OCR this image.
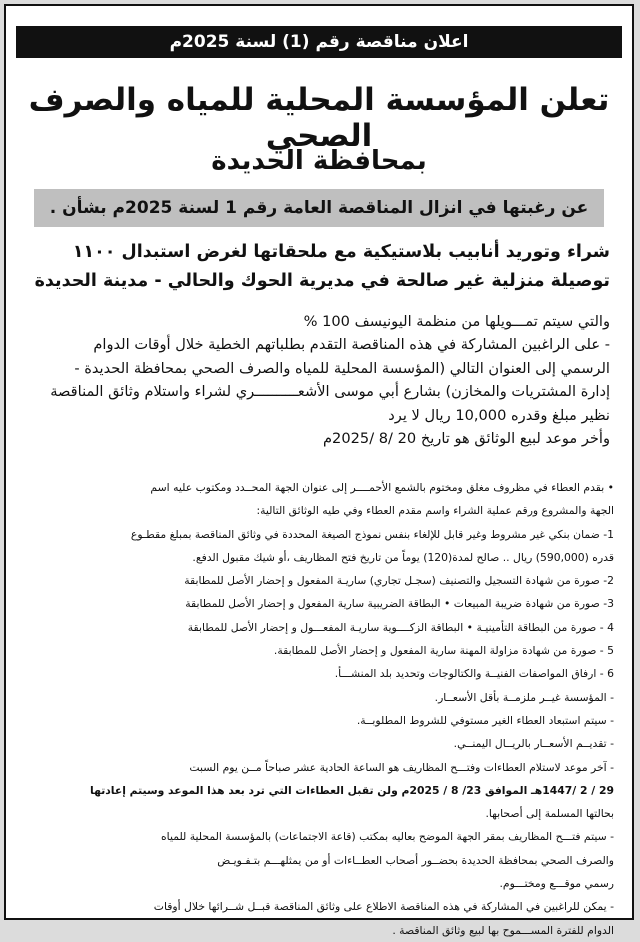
اعلان مناقصة رقم (1) لسنة 2025م
تعلن المؤسسة المحلية للمياه والصرف الصحي
بمحافظة الحديدة
عن رغبتها في انزال المناقصة العامة رقم 1 لسنة 2025م بشأن .
شراء وتوريد أنابيب بلاستيكية مع ملحقاتها لغرض استبدال ١١٠٠
توصيلة منزلية غير صالحة في مديرية الحوك والحالي - مدينة الحديدة

والتي سيتم تمـــويلها من منظمة اليونيسف 100 %

- على الراغبين المشاركة في هذه المناقصة التقدم بطلباتهم الخطية خلال أوقات الدوام

الرسمي إلى العنوان التالي (المؤسسة المحلية للمياه والصرف الصحي بمحافظة الحديدة -

إدارة المشتريات والمخازن) بشارع أبي موسى الأشعــــــــــري لشراء واستلام وثائق المناقصة

نظير مبلغ وقدره 10,000 ريال لا يرد

وأخر موعد لبيع الوثائق هو تاريخ 20 /8 /2025م

• بقدم العطاء في مظروف مغلق ومختوم بالشمع الأحمــــر إلى عنوان الجهة المحــدد ومكتوب عليه اسم

الجهة والمشروع ورقم عملية الشراء واسم مقدم العطاء وفي طيه الوثائق التالية:

1- ضمان بنكي غير مشروط وغير قابل للإلغاء بنفس نموذج الصيغة المحددة في وثائق المناقصة بمبلغ مقطـوع

قدره (590,000) ريال .. صالح لمدة(120) يوماً من تاريخ فتح المظاريف ،أو شيك مقبول الدفع.

2- صورة من شهادة التسجيل والتصنيف (سجـل تجاري) ساريـة المفعول و إحضار الأصل للمطابقة

3- صورة من شهادة ضريبة المبيعات • البطاقة الضريبية سارية المفعول و إحضار الأصل للمطابقة

4 - صورة من البطاقة التأمينيـة • البطاقة الزكــــوية ساريـة المفعـــول و إحضار الأصل للمطابقة

5 - صورة من شهادة مزاولة المهنة سارية المفعول و إحضار الأصل للمطابقة.

6 - ارفاق المواصفات الفنيــة والكتالوجات وتحديد بلد المنشـــأ.

- المؤسسة غيــر ملزمــة بأقل الأسعــار.

- سيتم استبعاد العطاء الغير مستوفي للشروط المطلوبــة.

- تقديــم الأسعــار بالريــال اليمنــي.

- آخر موعد لاستلام العطاءات وفتـــح المظاريف هو الساعة الحادية عشر صباحاً مــن يوم السبت

29 / 2 /1447هـ الموافق 23/ 8 / 2025م ولن تقبل العطاءات التي ترد بعد هذا الموعد وسيتم إعادتها

بحالتها المسلمة إلى أصحابها.

- سيتم فتـــح المظاريف بمقر الجهة الموضح بعاليه بمكتب (قاعة الاجتماعات) بالمؤسسة المحلية للمياه

والصرف الصحي بمحافظة الحديدة بحضــور أصحاب العطــاءات أو من يمثلهـــم بتـفـويـض

رسمي موقـــع ومختـــوم.

- يمكن للراغبين في المشاركة في هذه المناقصة الاطلاع على وثائق المناقصة قبــل شــرائها خلال أوقات

الدوام للفترة المســـموح بها لبيع وثائق المناقصة .
